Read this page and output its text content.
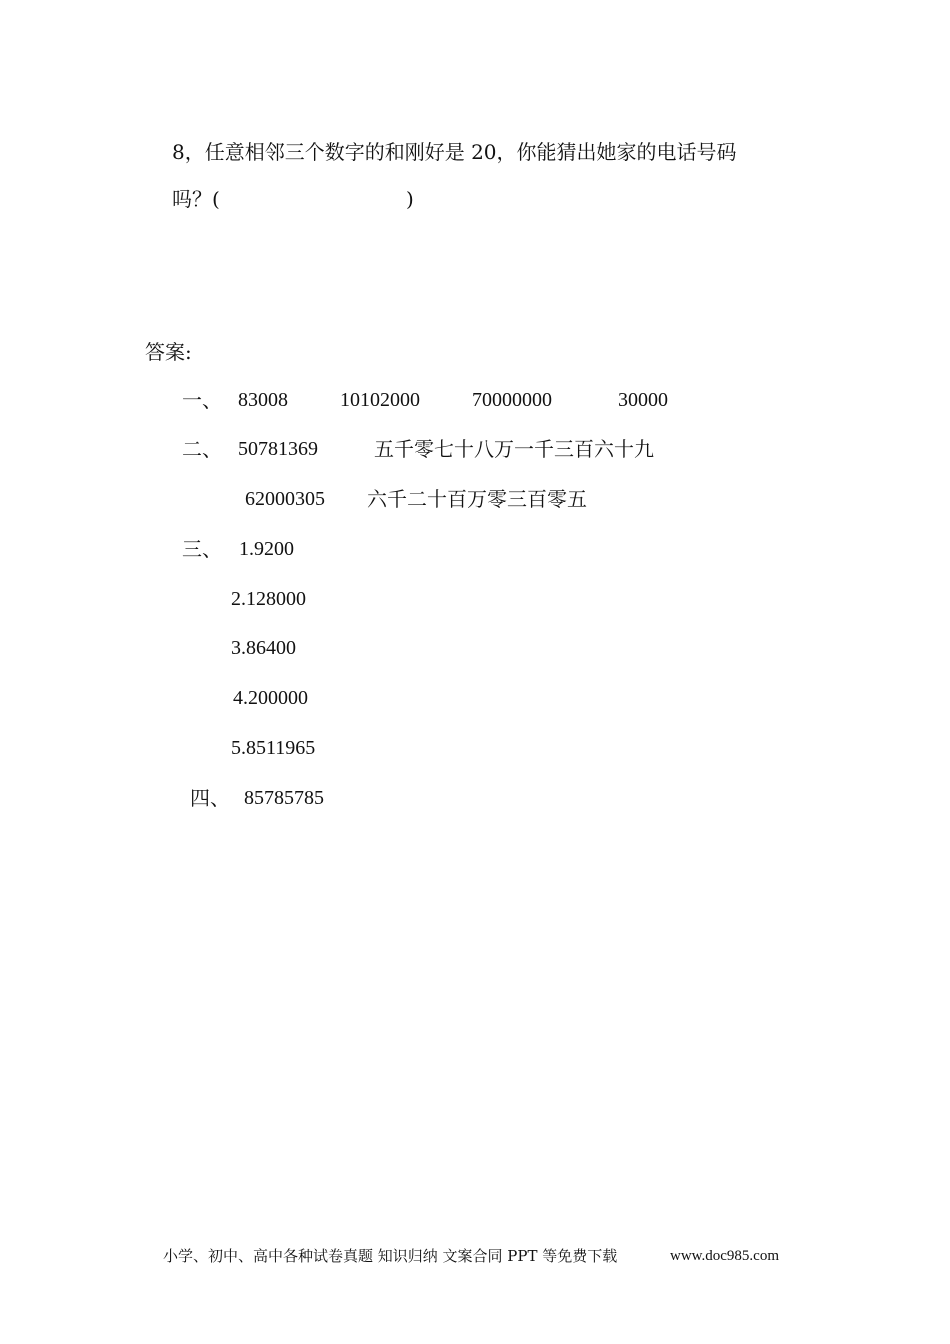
8，任意相邻三个数字的和刚好是 20，你能猜出她家的电话号码
吗？(	)
答案:
一、 83008	10102000	70000000	30000
二、 50781369	五千零七十八万一千三百六十九
62000305 六千二十百万零三百零五
三、 1.9200
2.128000
3.86400
4.200000
5.8511965
四、 85785785
小学、初中、高中各种试卷真题 知识归纳 文案合同 PPT 等免费下载	www.doc985.com
